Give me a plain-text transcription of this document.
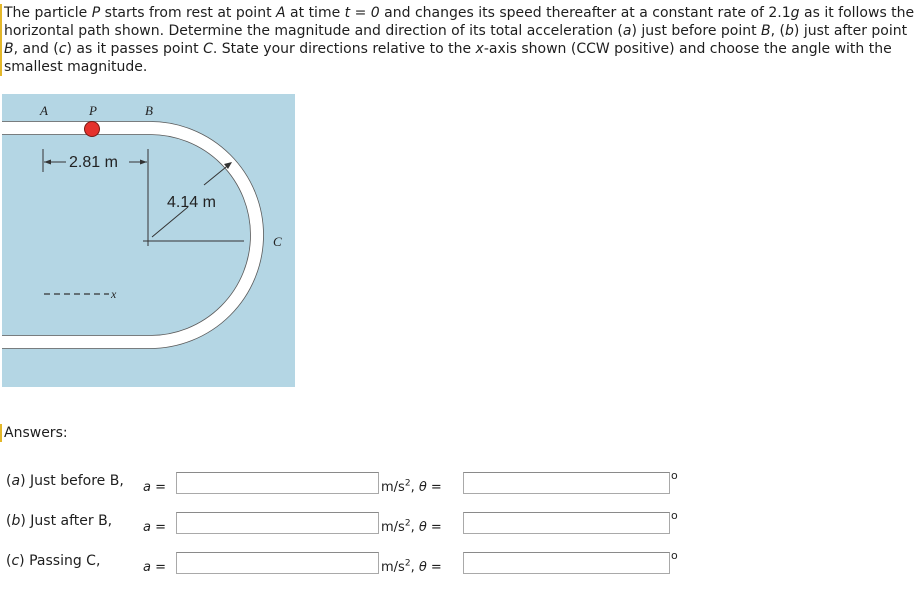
The particle P starts from rest at point A at time t = 0 and changes its speed thereafter at a constant rate of 2.1g as it follows the horizontal path shown. Determine the magnitude and direction of its total acceleration (a) just before point B, (b) just after point B, and (c) as it passes point C. State your directions relative to the x-axis shown (CCW positive) and choose the angle with the smallest magnitude.
A	P	B
C
2.81 m
4.14 m
x
Answers:
(a) Just before B, a =	$m/s^2$, θ =
o
(b) Just after B, a =	$m/s^2$, θ =
o
(c) Passing C,	a =	$m/s^2$, θ =
o
